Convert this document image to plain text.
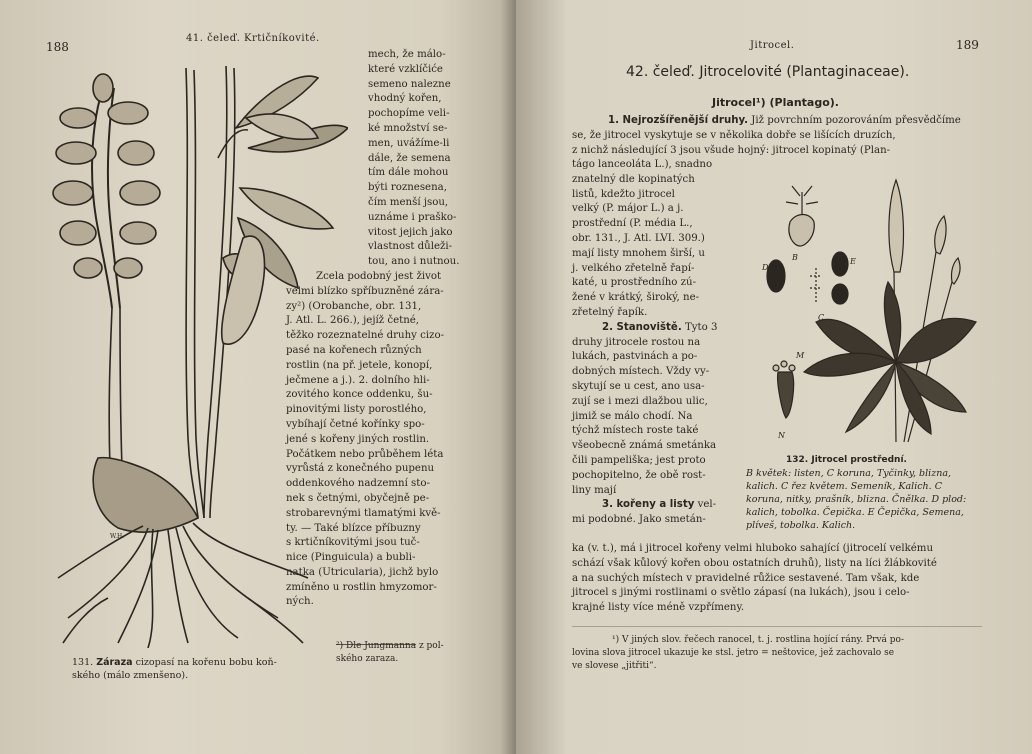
188
41. čeleď. Krtičníkovité.
W.H.

mech, že málo-

které vzklíčiće

semeno nalezne

vhodný kořen,

pochopíme veli-

ké množství se-

men, uvážíme-li

dále, že semena

tím dále mohou

býti roznesena,

čím menší jsou,

uznáme i praško-

vitost jejich jako

vlastnost důleži-

tou, ano i nutnou.

Zcela podobný jest život

velmi blízko spříbuzněné zára-

zy²) (Orobanche, obr. 131,

J. Atl. L. 266.), jejíž četné,

těžko rozeznatelné druhy cizo-

pasé na kořenech různých

rostlin (na př. jetele, konopí,

ječmene a j.). 2. dolního hli-

zovitého konce oddenku, šu-

pinovitými listy porostlého,

vybíhají četné kořínky spo-

jené s kořeny jiných rostlin.

Počátkem nebo průběhem léta

vyrůstá z konečného pupenu

oddenkového nadzemní sto-

nek s četnými, obyčejně pe-

strobarevnými tlamatými kvě-

ty. — Také blízce příbuzny

s krtičníkovitými jsou tuč-

nice (Pinguicula) a bubli-

natka (Utricularia), jichž bylo

zmíněno u rostlin hmyzomor-

ných.

²) Dle Jungmanna z pol-
ského zaraza.
131. Záraza cizopasí na kořenu bobu koň-
ského (málo zmenšeno).
Jitrocel.	189
42. čeleď. Jitrocelovité (Plantaginaceae).
Jitrocel¹) (Plantago).

1. Nejrozšířenější druhy. Již povrchním pozorováním přesvědčíme

se, že jitrocel vyskytuje se v několika dobře se lišících druzích,

z nichž následující 3 jsou všude hojný: jitrocel kopinatý (Plan-

tágo lanceoláta L.), snadno

znatelný dle kopinatých

listů, kdežto jitrocel

velký (P. májor L.) a j.

prostřední (P. média L.,

obr. 131., J. Atl. LVI. 309.)

mají listy mnohem širší, u

j. velkého zřetelně řapí-

katé, u prostředního zú-

žené v krátký, široký, ne-

zřetelný řapík.

2. Stanoviště. Tyto 3

druhy jitrocele rostou na

lukách, pastvinách a po-

dobných místech. Vždy vy-

skytují se u cest, ano usa-

zují se i mezi dlažbou ulic,

jimiž se málo chodí. Na

týchž místech roste také

všeobecně známá smetánka

čili pampeliška; jest proto

pochopitelno, že obě rost-

liny mají

3. kořeny a listy vel-

mi podobné. Jako smetán-

B
C
D
E
M
N
132. Jitrocel prostřední.
B květek: listen, C koruna, Tyčinky, blizna,
kalich. C řez květem. Semeník, Kalich. C
koruna, nitky, prašník, blizna. Čnělka. D plod:
kalich, tobolka. Čepička. E Čepička, Semena,
plíveš, tobolka. Kalich.

ka (v. t.), má i jitrocel kořeny velmi hluboko sahající (jitrocelí velkému

schází však kůlový kořen obou ostatních druhů), listy na líci žlábkovité

a na suchých místech v pravidelné růžice sestavené. Tam však, kde

jitrocel s jinými rostlinami o světlo zápasí (na lukách), jsou i celo-

krajné listy více méně vzpřímeny.

¹) V jiných slov. řečech ranocel, t. j. rostlina hojící rány. Prvá po-
lovina slova jitrocel ukazuje ke stsl. jetro = neštovice, jež zachovalo se
ve slovese „jitřiti“.
